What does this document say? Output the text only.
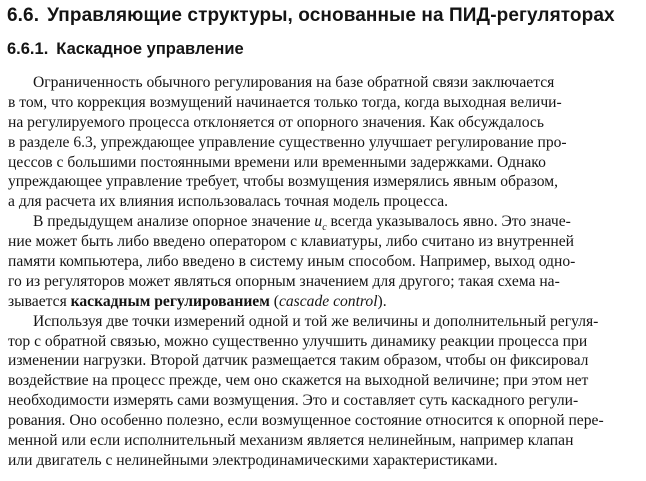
6.6. Управляющие структуры, основанные на ПИД-регуляторах
6.6.1. Каскадное управление
Ограниченность обычного регулирования на базе обратной связи заключается
в том, что коррекция возмущений начинается только тогда, когда выходная величи-
на регулируемого процесса отклоняется от опорного значения. Как обсуждалось
в разделе 6.3, упреждающее управление существенно улучшает регулирование про-
цессов с большими постоянными времени или временными задержками. Однако
упреждающее управление требует, чтобы возмущения измерялись явным образом,
а для расчета их влияния использовалась точная модель процесса.
В предыдущем анализе опорное значение $u_c$ всегда указывалось явно. Это значе-
ние может быть либо введено оператором с клавиатуры, либо считано из внутренней
памяти компьютера, либо введено в систему иным способом. Например, выход одно-
го из регуляторов может являться опорным значением для другого; такая схема на-
зывается каскадным регулированием (cascade control).
Используя две точки измерений одной и той же величины и дополнительный регуля-
тор с обратной связью, можно существенно улучшить динамику реакции процесса при
изменении нагрузки. Второй датчик размещается таким образом, чтобы он фиксировал
воздействие на процесс прежде, чем оно скажется на выходной величине; при этом нет
необходимости измерять сами возмущения. Это и составляет суть каскадного регули-
рования. Оно особенно полезно, если возмущенное состояние относится к опорной пере-
менной или если исполнительный механизм является нелинейным, например клапан
или двигатель с нелинейными электродинамическими характеристиками.
